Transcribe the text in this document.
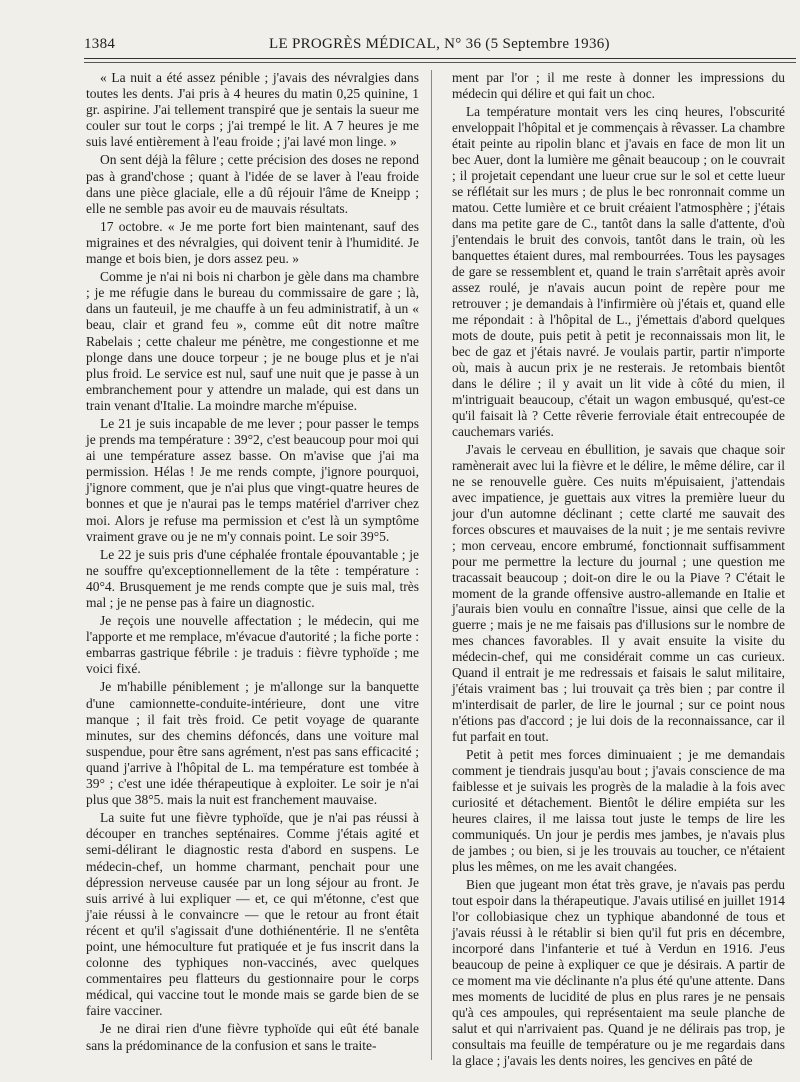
1384	LE PROGRÈS MÉDICAL, N° 36 (5 Septembre 1936)

« La nuit a été assez pénible ; j'avais des névralgies dans toutes les dents. J'ai pris à 4 heures du matin 0,25 quinine, 1 gr. aspirine. J'ai tellement transpiré que je sentais la sueur me couler sur tout le corps ; j'ai trempé le lit. A 7 heures je me suis lavé entièrement à l'eau froide ; j'ai lavé mon linge. »

On sent déjà la fêlure ; cette précision des doses ne repond pas à grand'chose ; quant à l'idée de se laver à l'eau froide dans une pièce glaciale, elle a dû réjouir l'âme de Kneipp ; elle ne semble pas avoir eu de mauvais résultats.

17 octobre. « Je me porte fort bien maintenant, sauf des migraines et des névralgies, qui doivent tenir à l'humidité. Je mange et bois bien, je dors assez peu. »

Comme je n'ai ni bois ni charbon je gèle dans ma chambre ; je me réfugie dans le bureau du commissaire de gare ; là, dans un fauteuil, je me chauffe à un feu administratif, à un « beau, clair et grand feu », comme eût dit notre maître Rabelais ; cette chaleur me pénètre, me congestionne et me plonge dans une douce torpeur ; je ne bouge plus et je n'ai plus froid. Le service est nul, sauf une nuit que je passe à un embranchement pour y attendre un malade, qui est dans un train venant d'Italie. La moindre marche m'épuise.

Le 21 je suis incapable de me lever ; pour passer le temps je prends ma température : 39°2, c'est beaucoup pour moi qui ai une température assez basse. On m'avise que j'ai ma permission. Hélas ! Je me rends compte, j'ignore pourquoi, j'ignore comment, que je n'ai plus que vingt-quatre heures de bonnes et que je n'aurai pas le temps matériel d'arriver chez moi. Alors je refuse ma permission et c'est là un symptôme vraiment grave ou je ne m'y connais point. Le soir 39°5.

Le 22 je suis pris d'une céphalée frontale épouvantable ; je ne souffre qu'exceptionnellement de la tête : température : 40°4. Brusquement je me rends compte que je suis mal, très mal ; je ne pense pas à faire un diagnostic.

Je reçois une nouvelle affectation ; le médecin, qui me l'apporte et me remplace, m'évacue d'autorité ; la fiche porte : embarras gastrique fébrile : je traduis : fièvre typhoïde ; me voici fixé.

Je m'habille péniblement ; je m'allonge sur la banquette d'une camionnette-conduite-intérieure, dont une vitre manque ; il fait très froid. Ce petit voyage de quarante minutes, sur des chemins défoncés, dans une voiture mal suspendue, pour être sans agrément, n'est pas sans efficacité ; quand j'arrive à l'hôpital de L. ma température est tombée à 39° ; c'est une idée thérapeutique à exploiter. Le soir je n'ai plus que 38°5. mais la nuit est franchement mauvaise.

La suite fut une fièvre typhoïde, que je n'ai pas réussi à découper en tranches septénaires. Comme j'étais agité et semi-délirant le diagnostic resta d'abord en suspens. Le médecin-chef, un homme charmant, penchait pour une dépression nerveuse causée par un long séjour au front. Je suis arrivé à lui expliquer — et, ce qui m'étonne, c'est que j'aie réussi à le convaincre — que le retour au front était récent et qu'il s'agissait d'une dothiénentérie. Il ne s'entêta point, une hémoculture fut pratiquée et je fus inscrit dans la colonne des typhiques non-vaccinés, avec quelques commentaires peu flatteurs du gestionnaire pour le corps médical, qui vaccine tout le monde mais se garde bien de se faire vacciner.

Je ne dirai rien d'une fièvre typhoïde qui eût été banale sans la prédominance de la confusion et sans le traite-

ment par l'or ; il me reste à donner les impressions du médecin qui délire et qui fait un choc.

La température montait vers les cinq heures, l'obscurité enveloppait l'hôpital et je commençais à rêvasser. La chambre était peinte au ripolin blanc et j'avais en face de mon lit un bec Auer, dont la lumière me gênait beaucoup ; on le couvrait ; il projetait cependant une lueur crue sur le sol et cette lueur se réflétait sur les murs ; de plus le bec ronronnait comme un matou. Cette lumière et ce bruit créaient l'atmosphère ; j'étais dans ma petite gare de C., tantôt dans la salle d'attente, d'où j'entendais le bruit des convois, tantôt dans le train, où les banquettes étaient dures, mal rembourrées. Tous les paysages de gare se ressemblent et, quand le train s'arrêtait après avoir assez roulé, je n'avais aucun point de repère pour me retrouver ; je demandais à l'infirmière où j'étais et, quand elle me répondait : à l'hôpital de L., j'émettais d'abord quelques mots de doute, puis petit à petit je reconnaissais mon lit, le bec de gaz et j'étais navré. Je voulais partir, partir n'importe où, mais à aucun prix je ne resterais. Je retombais bientôt dans le délire ; il y avait un lit vide à côté du mien, il m'intriguait beaucoup, c'était un wagon embusqué, qu'est-ce qu'il faisait là ? Cette rêverie ferroviale était entrecoupée de cauchemars variés.

J'avais le cerveau en ébullition, je savais que chaque soir ramènerait avec lui la fièvre et le délire, le même délire, car il ne se renouvelle guère. Ces nuits m'épuisaient, j'attendais avec impatience, je guettais aux vitres la première lueur du jour d'un automne déclinant ; cette clarté me sauvait des forces obscures et mauvaises de la nuit ; je me sentais revivre ; mon cerveau, encore embrumé, fonctionnait suffisamment pour me permettre la lecture du journal ; une question me tracassait beaucoup ; doit-on dire le ou la Piave ? C'était le moment de la grande offensive austro-allemande en Italie et j'aurais bien voulu en connaître l'issue, ainsi que celle de la guerre ; mais je ne me faisais pas d'illusions sur le nombre de mes chances favorables. Il y avait ensuite la visite du médecin-chef, qui me considérait comme un cas curieux. Quand il entrait je me redressais et faisais le salut militaire, j'étais vraiment bas ; lui trouvait ça très bien ; par contre il m'interdisait de parler, de lire le journal ; sur ce point nous n'étions pas d'accord ; je lui dois de la reconnaissance, car il fut parfait en tout.

Petit à petit mes forces diminuaient ; je me demandais comment je tiendrais jusqu'au bout ; j'avais conscience de ma faiblesse et je suivais les progrès de la maladie à la fois avec curiosité et détachement. Bientôt le délire empiéta sur les heures claires, il me laissa tout juste le temps de lire les communiqués. Un jour je perdis mes jambes, je n'avais plus de jambes ; ou bien, si je les trouvais au toucher, ce n'étaient plus les mêmes, on me les avait changées.

Bien que jugeant mon état très grave, je n'avais pas perdu tout espoir dans la thérapeutique. J'avais utilisé en juillet 1914 l'or collobiasique chez un typhique abandonné de tous et j'avais réussi à le rétablir si bien qu'il fut pris en décembre, incorporé dans l'infanterie et tué à Verdun en 1916. J'eus beaucoup de peine à expliquer ce que je désirais. A partir de ce moment ma vie déclinante n'a plus été qu'une attente. Dans mes moments de lucidité de plus en plus rares je ne pensais qu'à ces ampoules, qui représentaient ma seule planche de salut et qui n'arrivaient pas. Quand je ne délirais pas trop, je consultais ma feuille de température ou je me regardais dans la glace ; j'avais les dents noires, les gencives en pâté de
